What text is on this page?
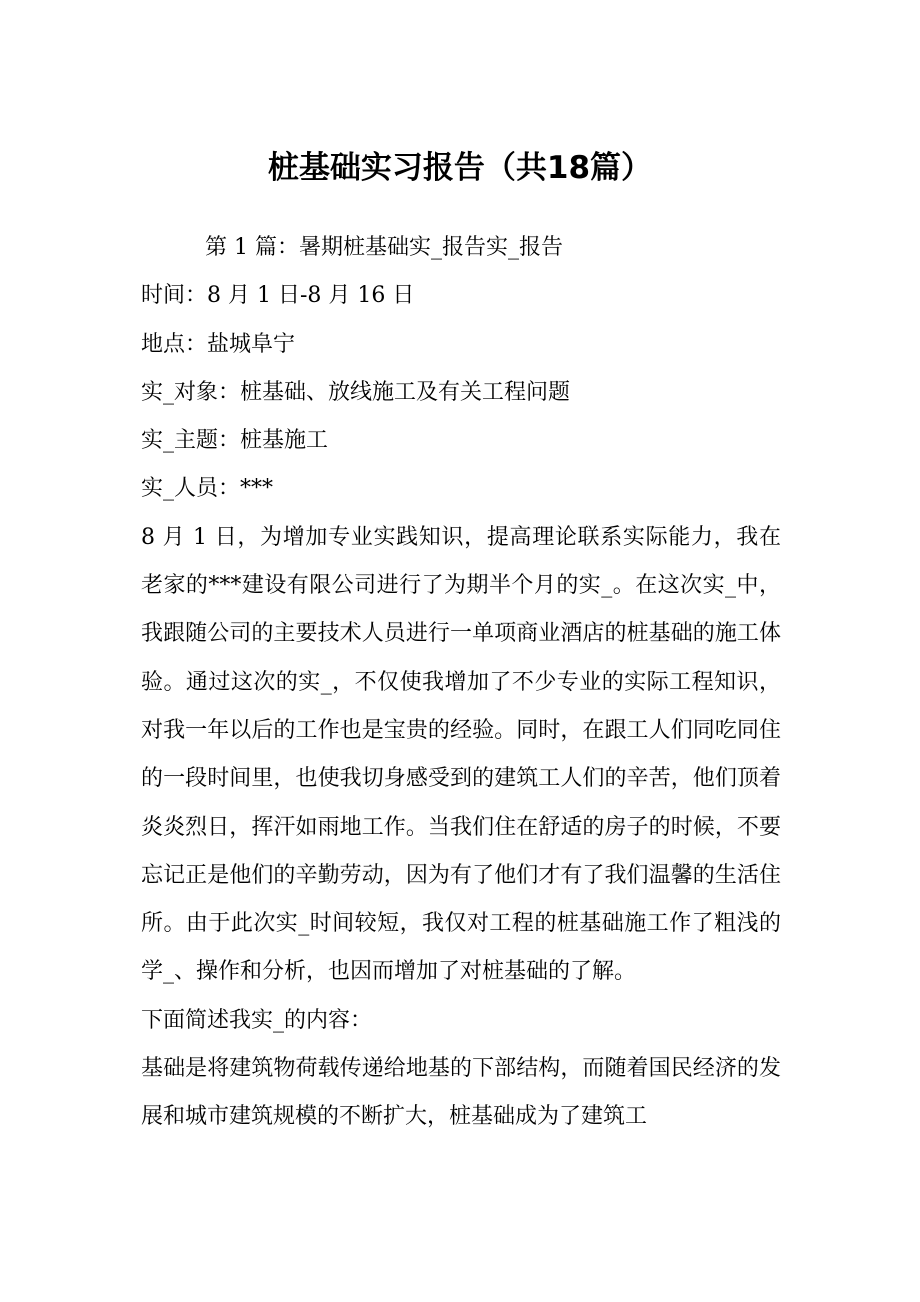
桩基础实习报告（共18篇）

第 1 篇：暑期桩基础实_报告实_报告

时间：8 月 1 日-8 月 16 日

地点：盐城阜宁

实_对象：桩基础、放线施工及有关工程问题

实_主题：桩基施工

实_人员：***

8 月 1 日，为增加专业实践知识，提高理论联系实际能力，我在老家的***建设有限公司进行了为期半个月的实_。在这次实_中，我跟随公司的主要技术人员进行一单项商业酒店的桩基础的施工体验。通过这次的实_，不仅使我增加了不少专业的实际工程知识，对我一年以后的工作也是宝贵的经验。同时，在跟工人们同吃同住的一段时间里，也使我切身感受到的建筑工人们的辛苦，他们顶着炎炎烈日，挥汗如雨地工作。当我们住在舒适的房子的时候，不要忘记正是他们的辛勤劳动，因为有了他们才有了我们温馨的生活住所。由于此次实_时间较短，我仅对工程的桩基础施工作了粗浅的学_、操作和分析，也因而增加了对桩基础的了解。

下面简述我实_的内容：

基础是将建筑物荷载传递给地基的下部结构，而随着国民经济的发展和城市建筑规模的不断扩大，桩基础成为了建筑工
